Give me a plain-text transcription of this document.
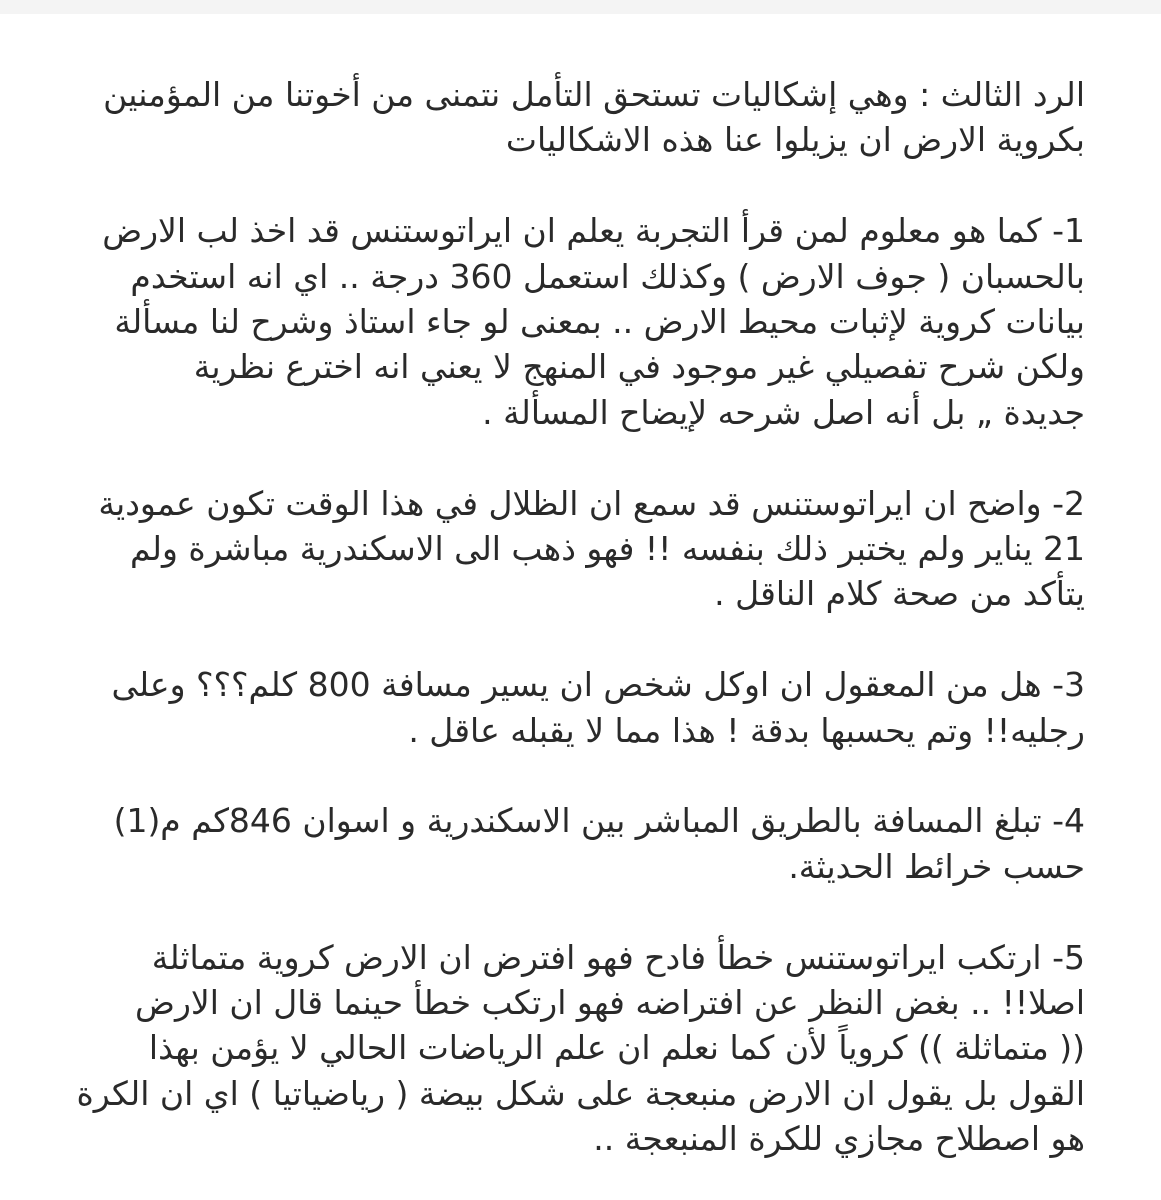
الرد الثالث : وهي إشكاليات تستحق التأمل نتمنى من أخوتنا من المؤمنين
بكروية الارض ان يزيلوا عنا هذه الاشكاليات

1- كما هو معلوم لمن قرأ التجربة يعلم ان ايراتوستنس قد اخذ لب الارض
بالحسبان ( جوف الارض ) وكذلك استعمل 360 درجة .. اي انه استخدم
بيانات كروية لإثبات محيط الارض .. بمعنى لو جاء استاذ وشرح لنا مسألة
ولكن شرح تفصيلي غير موجود في المنهج لا يعني انه اخترع نظرية
جديدة „ بل أنه اصل شرحه لإيضاح المسألة .

2- واضح ان ايراتوستنس قد سمع ان الظلال في هذا الوقت تكون عمودية
21 يناير ولم يختبر ذلك بنفسه !! فهو ذهب الى الاسكندرية مباشرة ولم
يتأكد من صحة كلام الناقل .

3- هل من المعقول ان اوكل شخص ان يسير مسافة 800 كلم؟؟؟ وعلى
رجليه!! وتم يحسبها بدقة ! هذا مما لا يقبله عاقل .

4- تبلغ المسافة بالطريق المباشر بين الاسكندرية و اسوان 846كم م(1)
حسب خرائط الحديثة.

5- ارتكب ايراتوستنس خطأ فادح فهو افترض ان الارض كروية متماثلة
اصلا!! .. بغض النظر عن افتراضه فهو ارتكب خطأ حينما قال ان الارض
(( متماثلة )) كروياً لأن كما نعلم ان علم الرياضات الحالي لا يؤمن بهذا
القول بل يقول ان الارض منبعجة على شكل بيضة ( رياضياتيا ) اي ان الكرة
هو اصطلاح مجازي للكرة المنبعجة ..
